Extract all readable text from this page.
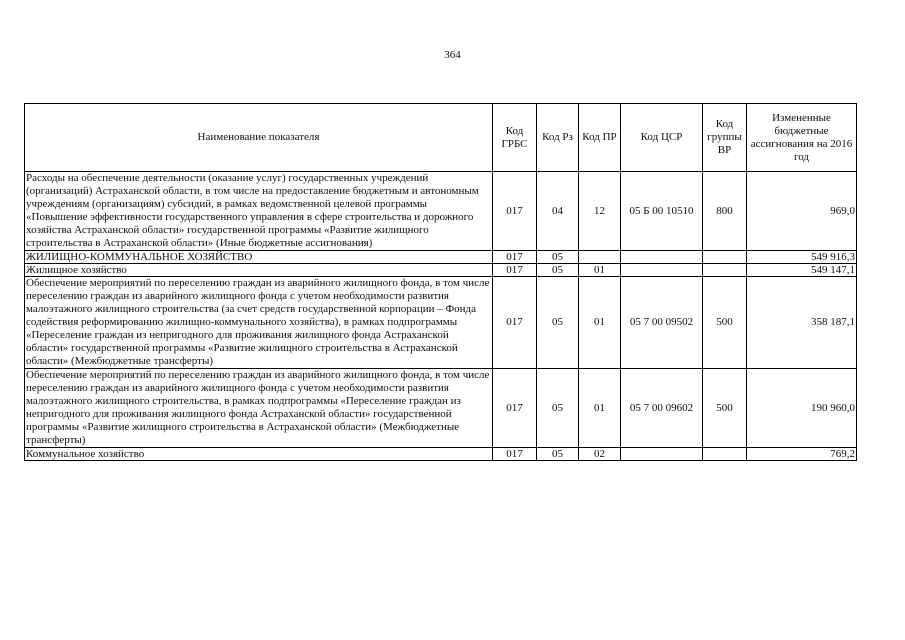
364
Наименование показателя	Код ГРБС	Код Рз	Код ПР	Код ЦСР	Код группы ВР	Измененные бюджетные ассигнования на 2016 год
Расходы на обеспечение деятельности (оказание услуг) государственных учреждений (организаций) Астраханской области, в том числе на предоставление бюджетным и автономным учреждениям (организациям) субсидий, в рамках ведомственной целевой программы «Повышение эффективности государственного управления в сфере строительства и дорожного хозяйства Астраханской области» государственной программы «Развитие жилищного строительства в Астраханской области» (Иные бюджетные ассигнования)	017	04	12	05 Б 00 10510	800	969,0
ЖИЛИЩНО-КОММУНАЛЬНОЕ ХОЗЯЙСТВО	017	05				549 916,3
Жилищное хозяйство	017	05	01			549 147,1
Обеспечение мероприятий по переселению граждан из аварийного жилищного фонда, в том числе переселению граждан из аварийного жилищного фонда с учетом необходимости развития малоэтажного жилищного строительства (за счет средств государственной корпорации – Фонда содействия реформированию жилищно-коммунального хозяйства), в рамках подпрограммы «Переселение граждан из непригодного для проживания жилищного фонда Астраханской области» государственной программы «Развитие жилищного строительства в Астраханской области» (Межбюджетные трансферты)	017	05	01	05 7 00 09502	500	358 187,1
Обеспечение мероприятий по переселению граждан из аварийного жилищного фонда, в том числе переселению граждан из аварийного жилищного фонда с учетом необходимости развития малоэтажного жилищного строительства, в рамках подпрограммы «Переселение граждан из непригодного для проживания жилищного фонда Астраханской области» государственной программы «Развитие жилищного строительства в Астраханской области» (Межбюджетные трансферты)	017	05	01	05 7 00 09602	500	190 960,0
Коммунальное хозяйство	017	05	02			769,2
